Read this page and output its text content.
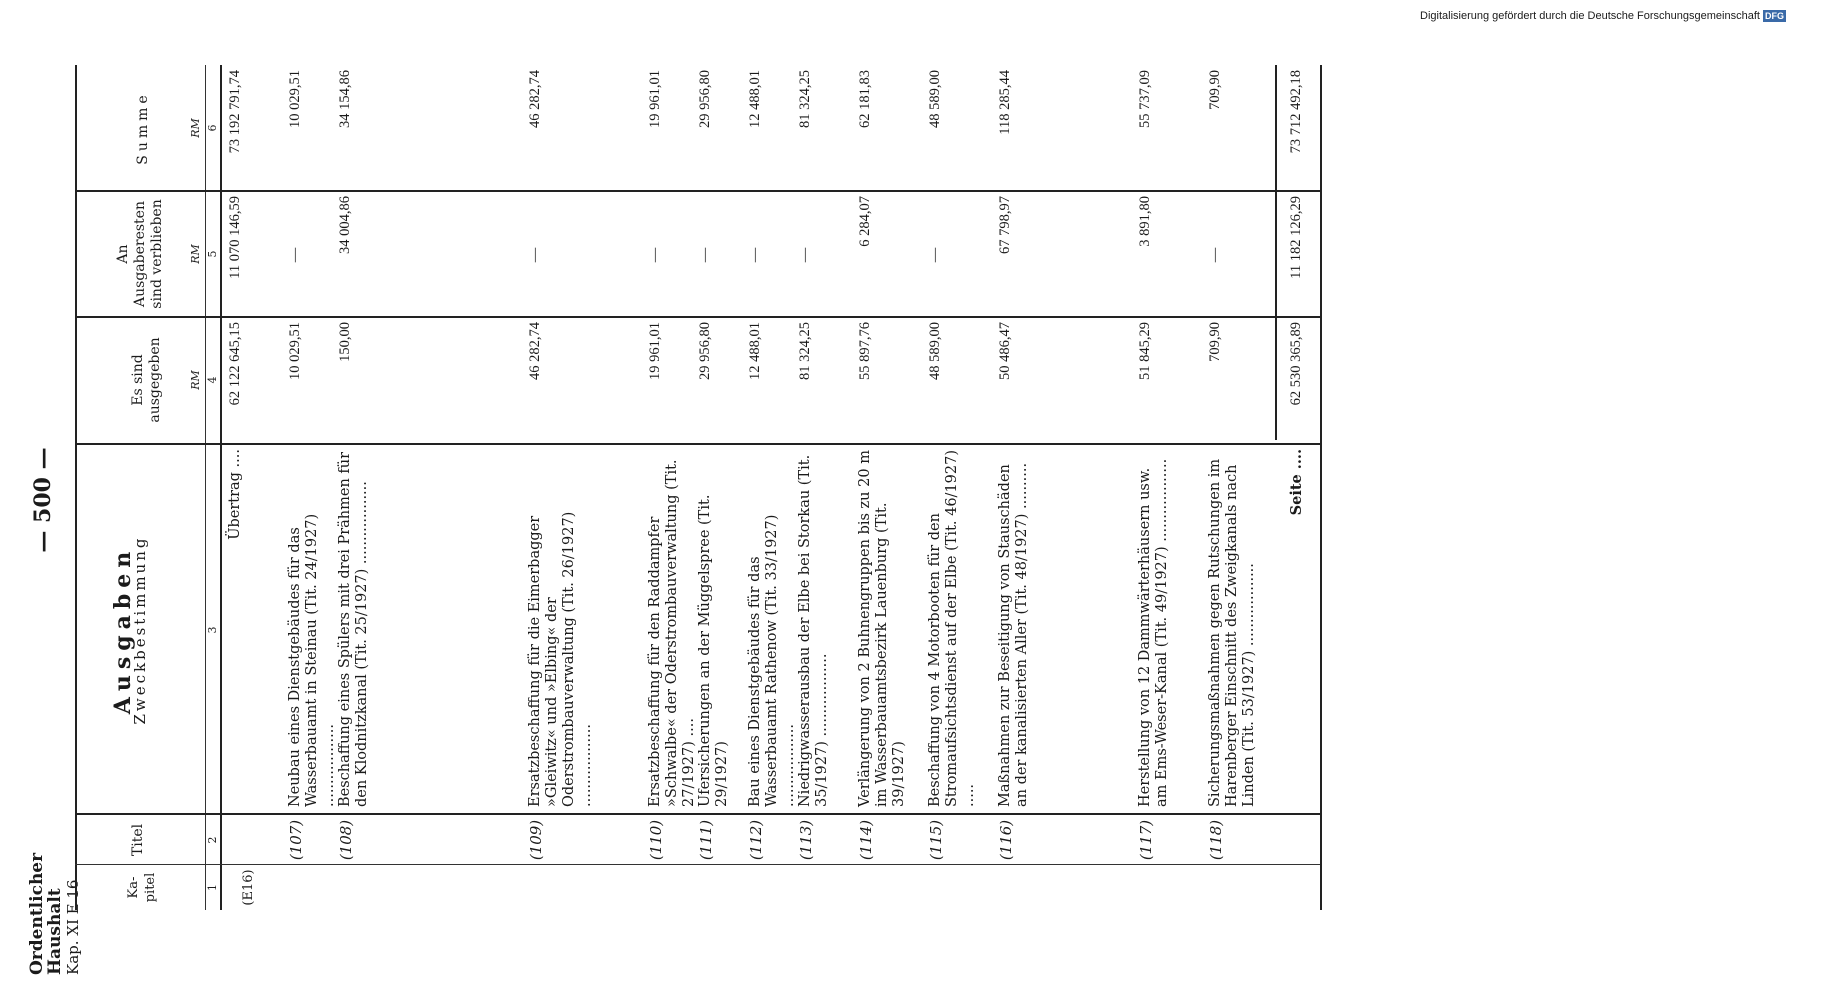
Ordentlicher Haushalt Kap. XI E 16
— 500 —
Ka-pitel
Titel
Ausgaben
Zweckbestimmung
Es sind ausgegeben
An Ausgaberesten sind verblieben
Summe
RM
RM
RM
1
2
3
4
5
6
(E16)
Übertrag ....
62 122 645,15
11 070 146,59
73 192 791,74
(107)
Neubau eines Dienstgebäudes für das Wasserbauamt in Steinau (Tit. 24/1927) ..................
10 029,51
—
10 029,51
(108)
Beschaffung eines Spülers mit drei Prähmen für den Klodnitzkanal (Tit. 25/1927) ..................
150,00
34 004,86
34 154,86
(109)
Ersatzbeschaffung für die Eimerbagger »Gleiwitz« und »Elbing« der Oderstrombauverwaltung (Tit. 26/1927) ..................
46 282,74
—
46 282,74
(110)
Ersatzbeschaffung für den Raddampfer »Schwalbe« der Oderstrombauverwaltung (Tit. 27/1927) ....
19 961,01
—
19 961,01
(111)
Ufersicherungen an der Müggelspree (Tit. 29/1927)
29 956,80
—
29 956,80
(112)
Bau eines Dienstgebäudes für das Wasserbauamt Rathenow (Tit. 33/1927) ..................
12 488,01
—
12 488,01
(113)
Niedrigwasserausbau der Elbe bei Storkau (Tit. 35/1927) ..................
81 324,25
—
81 324,25
(114)
Verlängerung von 2 Buhnengruppen bis zu 20 m im Wasserbauamtsbezirk Lauenburg (Tit. 39/1927)
55 897,76
6 284,07
62 181,83
(115)
Beschaffung von 4 Motorbooten für den Stromaufsichtsdienst auf der Elbe (Tit. 46/1927) .....
48 589,00
—
48 589,00
(116)
Maßnahmen zur Beseitigung von Stauschäden an der kanalisierten Aller (Tit. 48/1927) ..........
50 486,47
67 798,97
118 285,44
(117)
Herstellung von 12 Dammwärterhäusern usw. am Ems-Weser-Kanal (Tit. 49/1927) ..................
51 845,29
3 891,80
55 737,09
(118)
Sicherungsmaßnahmen gegen Rutschungen im Harenberger Einschnitt des Zweigkanals nach Linden (Tit. 53/1927) ..................
709,90
—
709,90
Seite ....
62 530 365,89
11 182 126,29
73 712 492,18
Digitalisierung gefördert durch die Deutsche Forschungsgemeinschaft DFG
